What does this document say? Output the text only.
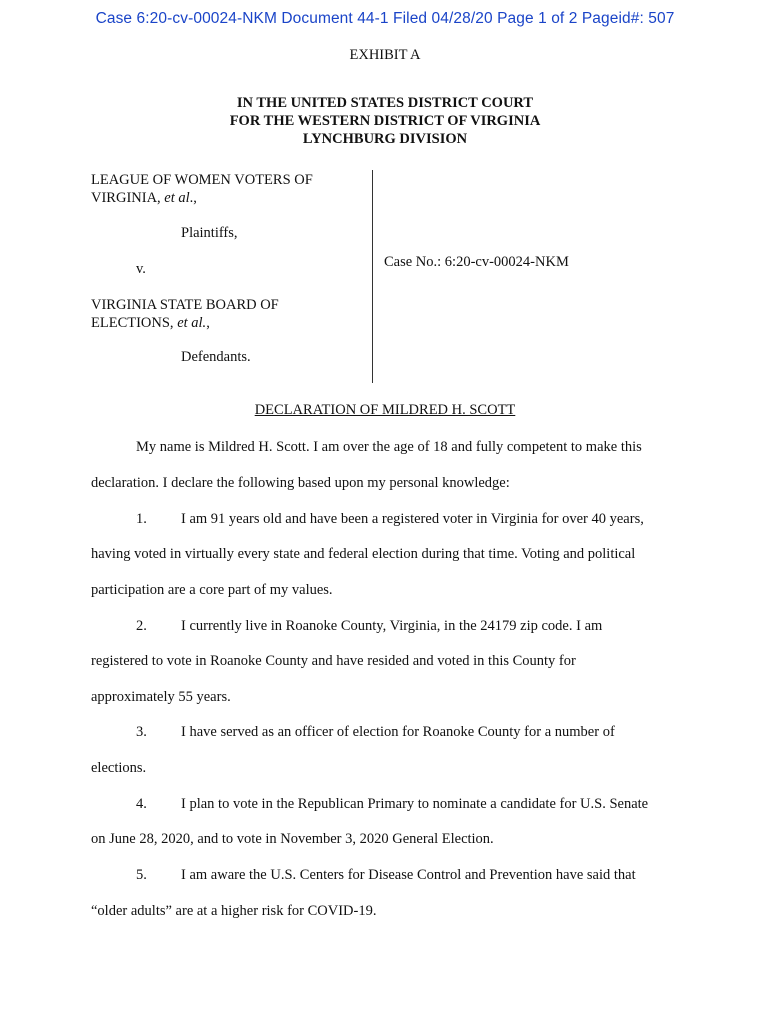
Case 6:20-cv-00024-NKM Document 44-1 Filed 04/28/20 Page 1 of 2 Pageid#: 507
EXHIBIT A
IN THE UNITED STATES DISTRICT COURT
FOR THE WESTERN DISTRICT OF VIRGINIA
LYNCHBURG DIVISION
LEAGUE OF WOMEN VOTERS OF
VIRGINIA, et al.,
Plaintiffs,
v.
VIRGINIA STATE BOARD OF
ELECTIONS, et al.,
Defendants.
Case No.: 6:20-cv-00024-NKM
DECLARATION OF MILDRED H. SCOTT
My name is Mildred H. Scott. I am over the age of 18 and fully competent to make this
declaration. I declare the following based upon my personal knowledge:
1. I am 91 years old and have been a registered voter in Virginia for over 40 years,
having voted in virtually every state and federal election during that time. Voting and political
participation are a core part of my values.
2. I currently live in Roanoke County, Virginia, in the 24179 zip code. I am
registered to vote in Roanoke County and have resided and voted in this County for
approximately 55 years.
3. I have served as an officer of election for Roanoke County for a number of
elections.
4. I plan to vote in the Republican Primary to nominate a candidate for U.S. Senate
on June 28, 2020, and to vote in November 3, 2020 General Election.
5. I am aware the U.S. Centers for Disease Control and Prevention have said that
“older adults” are at a higher risk for COVID-19.
